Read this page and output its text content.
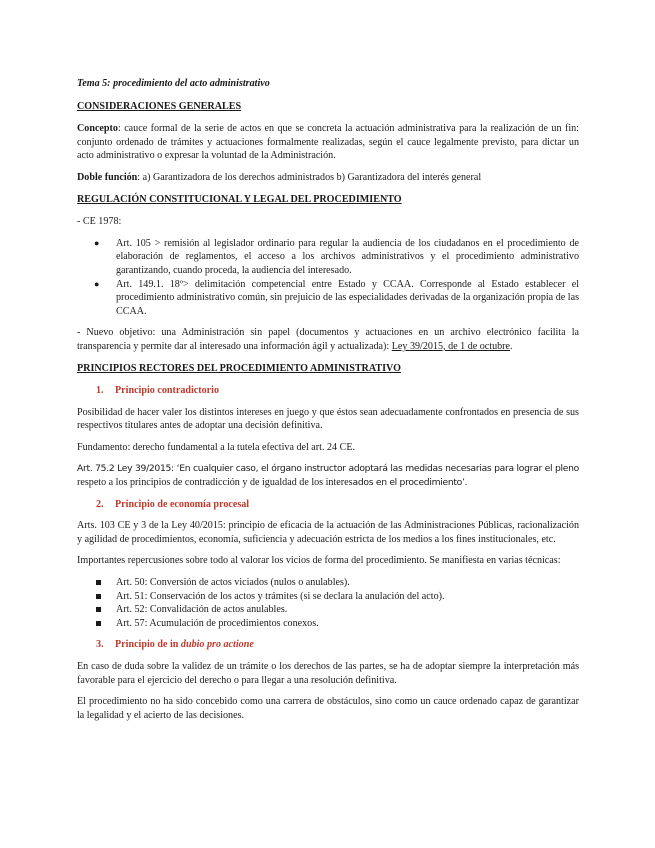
Tema 5: procedimiento del acto administrativo

CONSIDERACIONES GENERALES

Concepto: cauce formal de la serie de actos en que se concreta la actuación administrativa para la realización de un fin: conjunto ordenado de trámites y actuaciones formalmente realizadas, según el cauce legalmente previsto, para dictar un acto administrativo o expresar la voluntad de la Administración.

Doble función: a) Garantizadora de los derechos administrados b) Garantizadora del interés general

REGULACIÓN CONSTITUCIONAL Y LEGAL DEL PROCEDIMIENTO

- CE 1978:

● Art. 105 > remisión al legislador ordinario para regular la audiencia de los ciudadanos en el procedimiento de elaboración de reglamentos, el acceso a los archivos administrativos y el procedimiento administrativo garantizando, cuando proceda, la audiencia del interesado.
● Art. 149.1. 18º> delimitación competencial entre Estado y CCAA. Corresponde al Estado establecer el procedimiento administrativo común, sin prejuicio de las especialidades derivadas de la organización propia de las CCAA.

- Nuevo objetivo: una Administración sin papel (documentos y actuaciones en un archivo electrónico facilita la transparencia y permite dar al interesado una información ágil y actualizada): Ley 39/2015, de 1 de octubre.

PRINCIPIOS RECTORES DEL PROCEDIMIENTO ADMINISTRATIVO

1. Principio contradictorio

Posibilidad de hacer valer los distintos intereses en juego y que éstos sean adecuadamente confrontados en presencia de sus respectivos titulares antes de adoptar una decisión definitiva.

Fundamento: derecho fundamental a la tutela efectiva del art. 24 CE.

Art. 75.2 Ley 39/2015: ‘En cualquier caso, el órgano instructor adoptará las medidas necesarias para lograr el pleno respeto a los principios de contradicción y de igualdad de los interesados en el procedimiento’.

2. Principio de economía procesal

Arts. 103 CE y 3 de la Ley 40/2015: principio de eficacia de la actuación de las Administraciones Públicas, racionalización y agilidad de procedimientos, economía, suficiencia y adecuación estricta de los medios a los fines institucionales, etc.

Importantes repercusiones sobre todo al valorar los vicios de forma del procedimiento. Se manifiesta en varias técnicas:

Art. 50: Conversión de actos viciados (nulos o anulables).
Art. 51: Conservación de los actos y trámites (si se declara la anulación del acto).
Art. 52: Convalidación de actos anulables.
Art. 57: Acumulación de procedimientos conexos.

3. Principio de in dubio pro actione

En caso de duda sobre la validez de un trámite o los derechos de las partes, se ha de adoptar siempre la interpretación más favorable para el ejercicio del derecho o para llegar a una resolución definitiva.

El procedimiento no ha sido concebido como una carrera de obstáculos, sino como un cauce ordenado capaz de garantizar la legalidad y el acierto de las decisiones.
